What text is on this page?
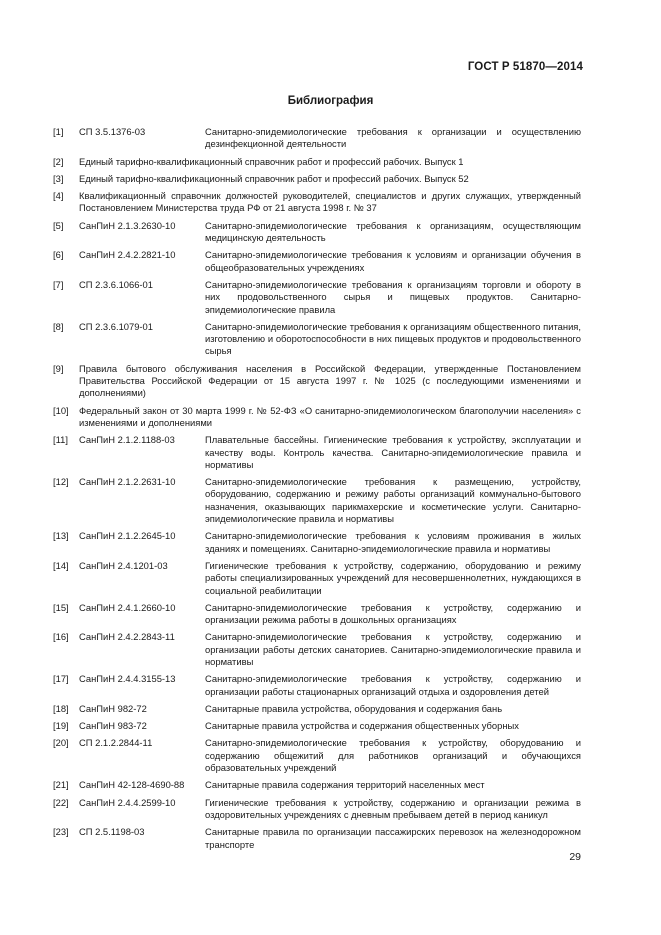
ГОСТ Р 51870—2014
Библиография
[1] СП 3.5.1376-03	Санитарно-эпидемиологические требования к организации и осуществлению дезинфекционной деятельности
[2] Единый тарифно-квалификационный справочник работ и профессий рабочих. Выпуск 1
[3] Единый тарифно-квалификационный справочник работ и профессий рабочих. Выпуск 52
[4] Квалификационный справочник должностей руководителей, специалистов и других служащих, утвержденный Постановлением Министерства труда РФ от 21 августа 1998 г. № 37
[5] СанПиН 2.1.3.2630-10	Санитарно-эпидемиологические требования к организациям, осуществляющим медицинскую деятельность
[6] СанПиН 2.4.2.2821-10	Санитарно-эпидемиологические требования к условиям и организации обучения в общеобразовательных учреждениях
[7] СП 2.3.6.1066-01	Санитарно-эпидемиологические требования к организациям торговли и обороту в них продовольственного сырья и пищевых продуктов. Санитарно-эпидемиологические правила
[8] СП 2.3.6.1079-01	Санитарно-эпидемиологические требования к организациям общественного питания, изготовлению и оборотоспособности в них пищевых продуктов и продовольственного сырья
[9] Правила бытового обслуживания населения в Российской Федерации, утвержденные Постановлением Правительства Российской Федерации от 15 августа 1997 г. № 1025 (с последующими изменениями и дополнениями)
[10] Федеральный закон от 30 марта 1999 г. № 52-ФЗ «О санитарно-эпидемиологическом благополучии населения» с изменениями и дополнениями
[11] СанПиН 2.1.2.1188-03	Плавательные бассейны. Гигиенические требования к устройству, эксплуатации и качеству воды. Контроль качества. Санитарно-эпидемиологические правила и нормативы
[12] СанПиН 2.1.2.2631-10	Санитарно-эпидемиологические требования к размещению, устройству, оборудованию, содержанию и режиму работы организаций коммунально-бытового назначения, оказывающих парикмахерские и косметические услуги. Санитарно-эпидемиологические правила и нормативы
[13] СанПиН 2.1.2.2645-10	Санитарно-эпидемиологические требования к условиям проживания в жилых зданиях и помещениях. Санитарно-эпидемиологические правила и нормативы
[14] СанПиН 2.4.1201-03	Гигиенические требования к устройству, содержанию, оборудованию и режиму работы специализированных учреждений для несовершеннолетних, нуждающихся в социальной реабилитации
[15] СанПиН 2.4.1.2660-10	Санитарно-эпидемиологические требования к устройству, содержанию и организации режима работы в дошкольных организациях
[16] СанПиН 2.4.2.2843-11	Санитарно-эпидемиологические требования к устройству, содержанию и организации работы детских санаториев. Санитарно-эпидемиологические правила и нормативы
[17] СанПиН 2.4.4.3155-13	Санитарно-эпидемиологические требования к устройству, содержанию и организации работы стационарных организаций отдыха и оздоровления детей
[18] СанПиН 982-72	Санитарные правила устройства, оборудования и содержания бань
[19] СанПиН 983-72	Санитарные правила устройства и содержания общественных уборных
[20] СП 2.1.2.2844-11	Санитарно-эпидемиологические требования к устройству, оборудованию и содержанию общежитий для работников организаций и обучающихся образовательных учреждений
[21] СанПиН 42-128-4690-88 Санитарные правила содержания территорий населенных мест
[22] СанПиН 2.4.4.2599-10	Гигиенические требования к устройству, содержанию и организации режима в оздоровительных учреждениях с дневным пребываем детей в период каникул
[23] СП 2.5.1198-03	Санитарные правила по организации пассажирских перевозок на железнодорожном транспорте
29
